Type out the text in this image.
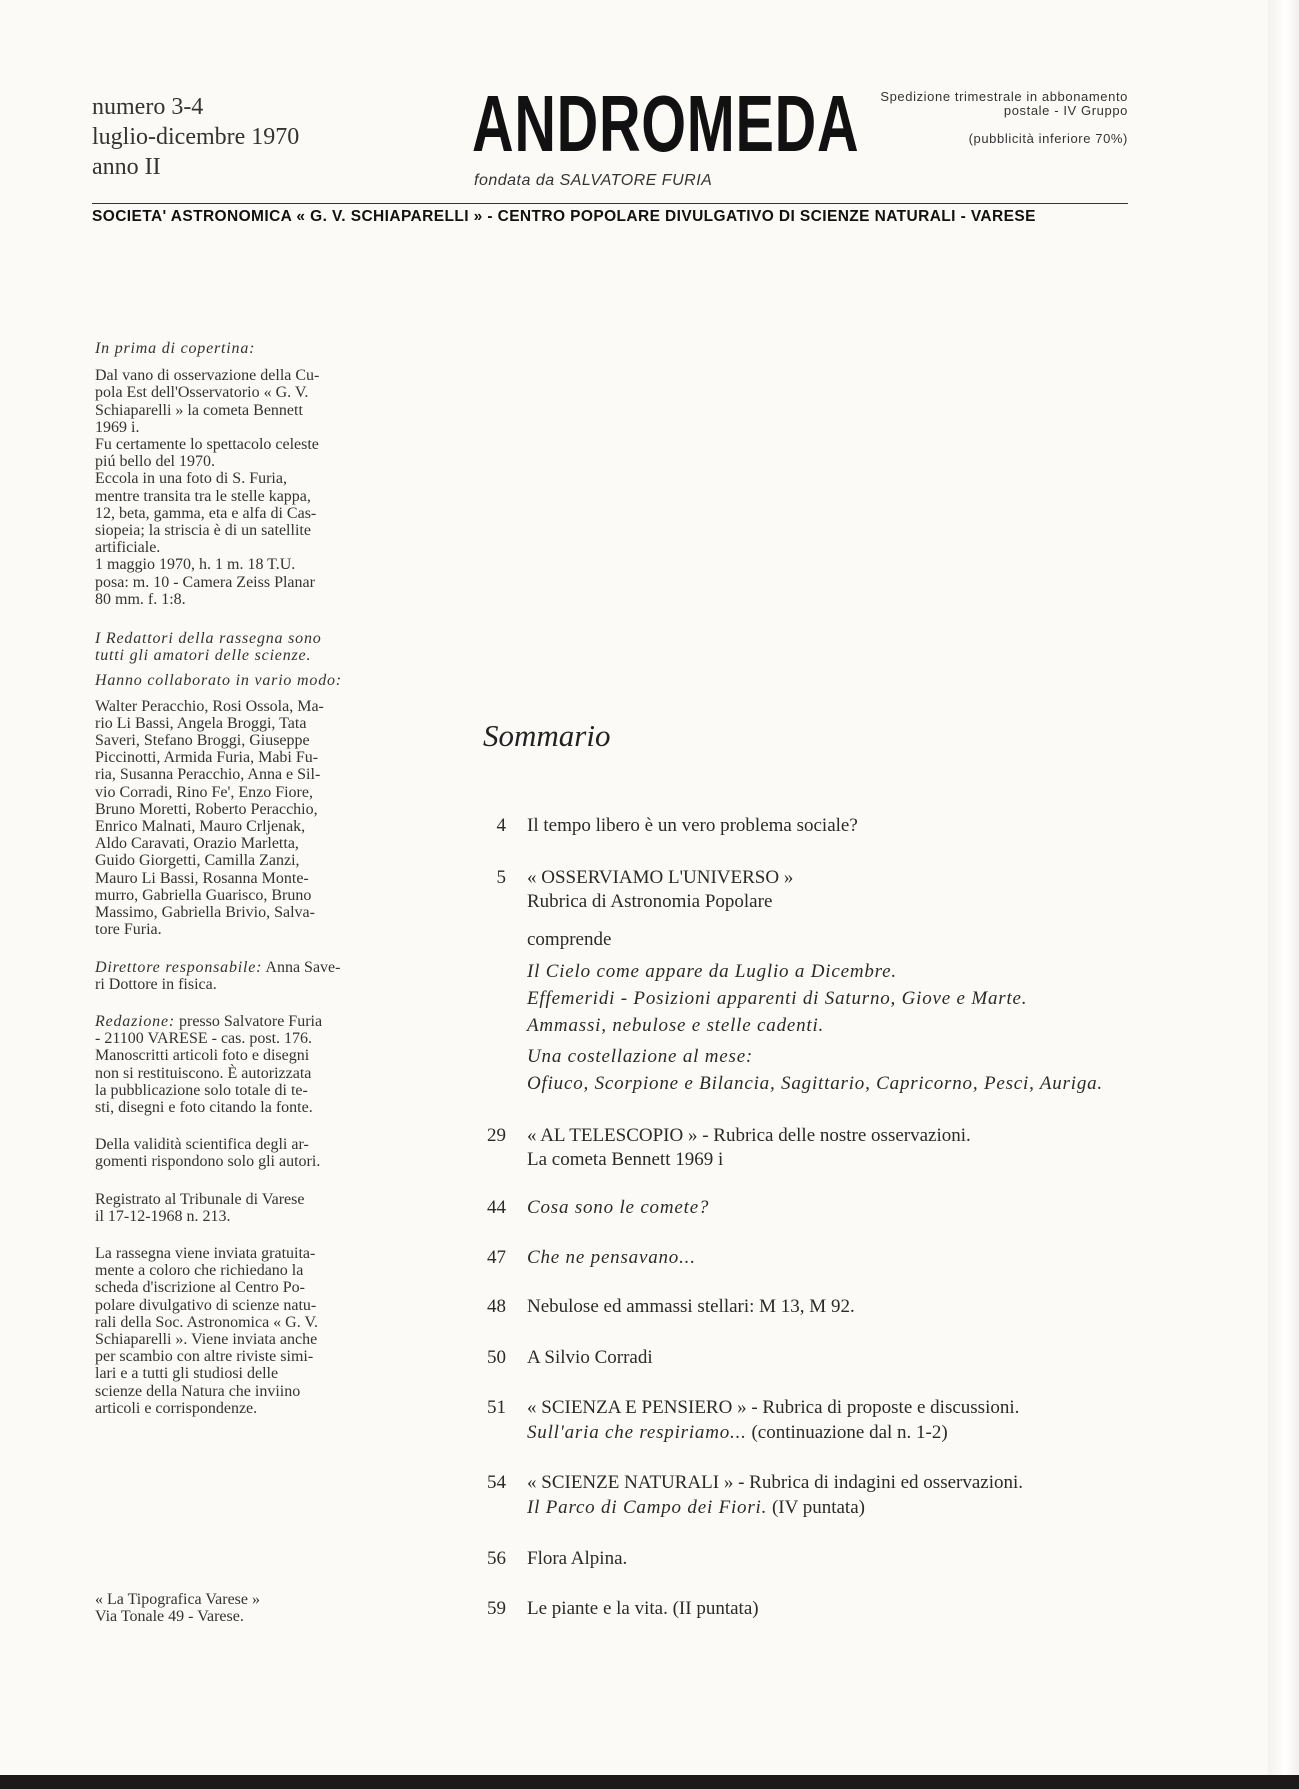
numero 3-4
luglio-dicembre 1970
anno II	ANDROMEDA
fondata da SALVATORE FURIA
Spedizione trimestrale in abbonamento
postale - IV Gruppo
(pubblicità inferiore 70%)
SOCIETA' ASTRONOMICA « G. V. SCHIAPARELLI » - CENTRO POPOLARE DIVULGATIVO DI SCIENZE NATURALI - VARESE

In prima di copertina:

Dal vano di osservazione della Cu-

pola Est dell'Osservatorio « G. V.

Schiaparelli » la cometa Bennett

1969 i.

Fu certamente lo spettacolo celeste

piú bello del 1970.

Eccola in una foto di S. Furia,

mentre transita tra le stelle kappa,

12, beta, gamma, eta e alfa di Cas-

siopeia; la striscia è di un satellite

artificiale.

1 maggio 1970, h. 1 m. 18 T.U.

posa: m. 10 - Camera Zeiss Planar

80 mm. f. 1:8.

I Redattori della rassegna sono

tutti gli amatori delle scienze.

Hanno collaborato in vario modo:

Walter Peracchio, Rosi Ossola, Ma-

rio Li Bassi, Angela Broggi, Tata

Saveri, Stefano Broggi, Giuseppe

Piccinotti, Armida Furia, Mabi Fu-

ria, Susanna Peracchio, Anna e Sil-

vio Corradi, Rino Fe', Enzo Fiore,

Bruno Moretti, Roberto Peracchio,

Enrico Malnati, Mauro Crljenak,

Aldo Caravati, Orazio Marletta,

Guido Giorgetti, Camilla Zanzi,

Mauro Li Bassi, Rosanna Monte-

murro, Gabriella Guarisco, Bruno

Massimo, Gabriella Brivio, Salva-

tore Furia.

Direttore responsabile: Anna Save-

ri Dottore in fisica.

Redazione: presso Salvatore Furia

- 21100 VARESE - cas. post. 176.

Manoscritti articoli foto e disegni

non si restituiscono. È autorizzata

la pubblicazione solo totale di te-

sti, disegni e foto citando la fonte.

Della validità scientifica degli ar-

gomenti rispondono solo gli autori.

Registrato al Tribunale di Varese

il 17-12-1968 n. 213.

La rassegna viene inviata gratuita-

mente a coloro che richiedano la

scheda d'iscrizione al Centro Po-

polare divulgativo di scienze natu-

rali della Soc. Astronomica « G. V.

Schiaparelli ». Viene inviata anche

per scambio con altre riviste simi-

lari e a tutti gli studiosi delle

scienze della Natura che inviino

articoli e corrispondenze.

« La Tipografica Varese »

Via Tonale 49 - Varese.

Sommario
4 Il tempo libero è un vero problema sociale?
5 « OSSERVIAMO L'UNIVERSO »
Rubrica di Astronomia Popolare
comprende
Il Cielo come appare da Luglio a Dicembre.
Effemeridi - Posizioni apparenti di Saturno, Giove e Marte.
Ammassi, nebulose e stelle cadenti.
Una costellazione al mese:
Ofiuco, Scorpione e Bilancia, Sagittario, Capricorno, Pesci, Auriga.
29 « AL TELESCOPIO » - Rubrica delle nostre osservazioni.
La cometa Bennett 1969 i
44 Cosa sono le comete?
47 Che ne pensavano...
48 Nebulose ed ammassi stellari: M 13, M 92.
50 A Silvio Corradi
51 « SCIENZA E PENSIERO » - Rubrica di proposte e discussioni.
Sull'aria che respiriamo... (continuazione dal n. 1-2)
54 « SCIENZE NATURALI » - Rubrica di indagini ed osservazioni.
Il Parco di Campo dei Fiori. (IV puntata)
56 Flora Alpina.
59 Le piante e la vita. (II puntata)
